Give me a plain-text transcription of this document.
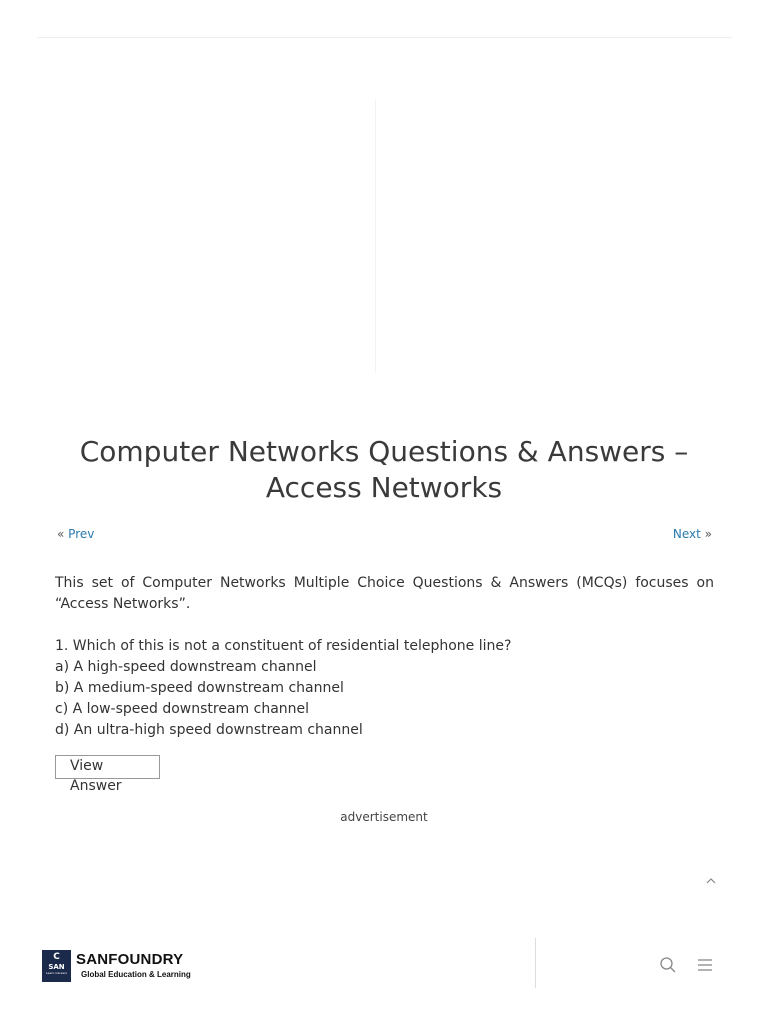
Computer Networks Questions & Answers – Access Networks
« Prev	Next »

This set of Computer Networks Multiple Choice Questions & Answers (MCQs) focuses on “Access Networks”.

1. Which of this is not a constituent of residential telephone line?

a) A high-speed downstream channel

b) A medium-speed downstream channel

c) A low-speed downstream channel

d) An ultra-high speed downstream channel

View Answer
advertisement
C
SAN
Learn Careers
SANFOUNDRY
Global Education & Learning
